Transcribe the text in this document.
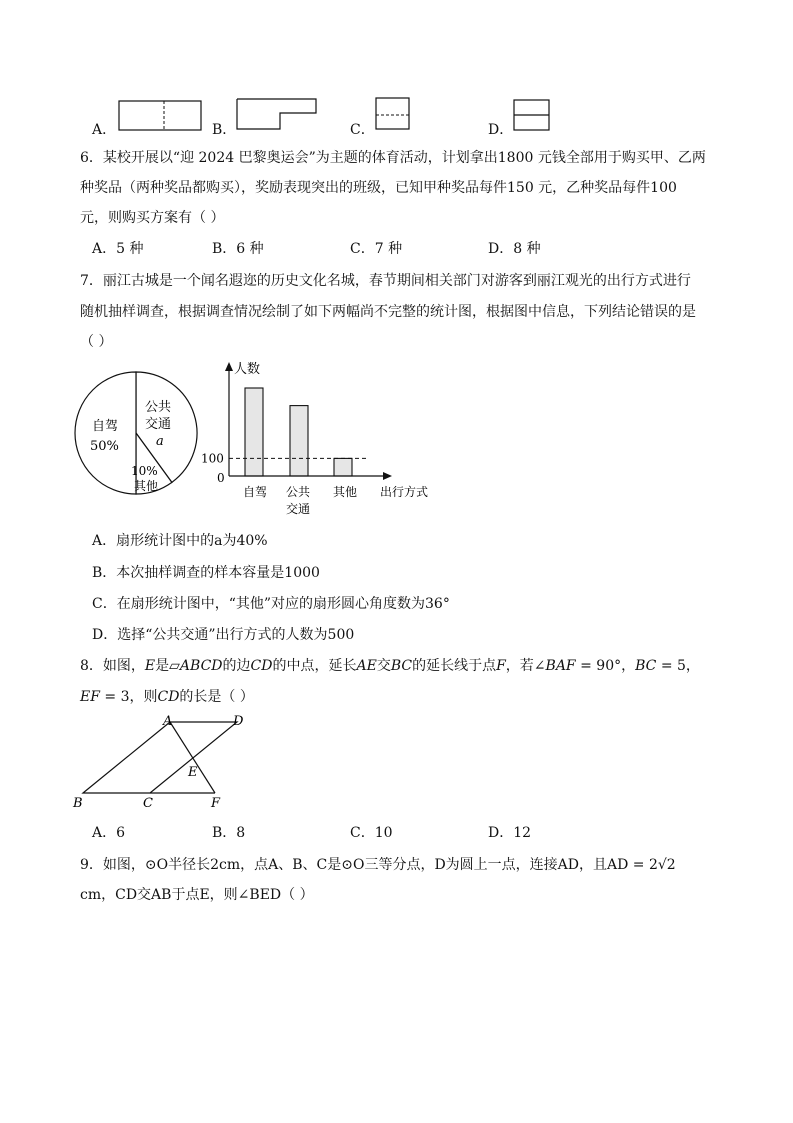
A．	B．	C．	D．
6．某校开展以“迎 2024 巴黎奥运会”为主题的体育活动，计划拿出1800 元钱全部用于购买甲、乙两
种奖品（两种奖品都购买），奖励表现突出的班级，已知甲种奖品每件150 元，乙种奖品每件100
元，则购买方案有（ ）
A．5 种	B．6 种	C．7 种	D．8 种
7．丽江古城是一个闻名遐迩的历史文化名城，春节期间相关部门对游客到丽江观光的出行方式进行
随机抽样调查，根据调查情况绘制了如下两幅尚不完整的统计图，根据图中信息，下列结论错误的是
（ ）
自驾
50%
公共
交通
a
10%
其他
人数
100
0
自驾 公共
交通
其他 出行方式
A．扇形统计图中的a为40%
B．本次抽样调查的样本容量是1000
C．在扇形统计图中，“其他”对应的扇形圆心角度数为36°
D．选择“公共交通”出行方式的人数为500
8．如图，E是▱ABCD的边CD的中点，延长AE交BC的延长线于点F，若∠BAF = 90°，BC = 5，
EF = 3，则CD的长是（ ）
A	D
E
B	C	F
A．6	B．8	C．10	D．12
9．如图，⊙O半径长2cm，点A、B、C是⊙O三等分点，D为圆上一点，连接AD，且AD = 2√2
cm，CD交AB于点E，则∠BED（ ）
